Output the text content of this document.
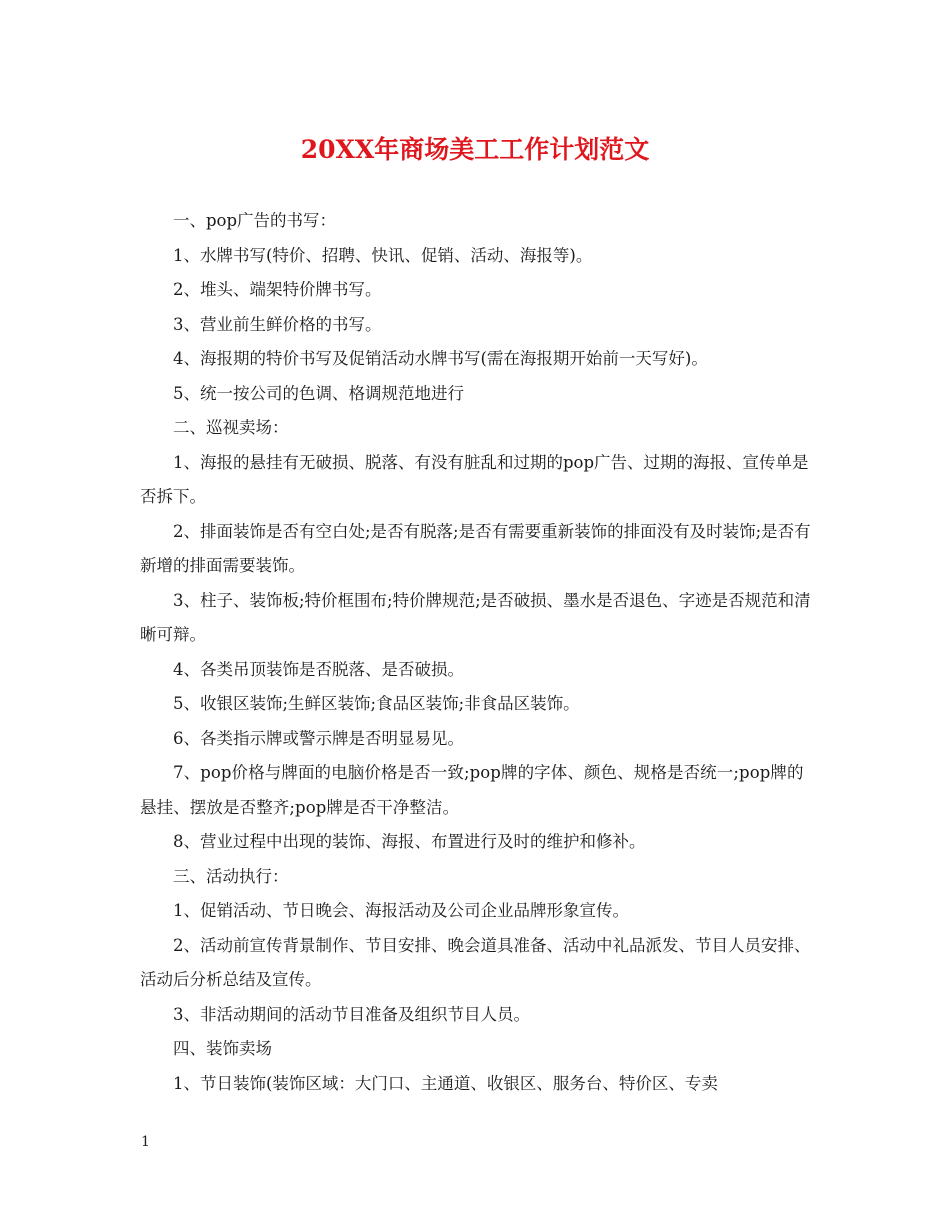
20XX年商场美工工作计划范文

一、pop广告的书写：

1、水牌书写(特价、招聘、快讯、促销、活动、海报等)。

2、堆头、端架特价牌书写。

3、营业前生鲜价格的书写。

4、海报期的特价书写及促销活动水牌书写(需在海报期开始前一天写好)。

5、统一按公司的色调、格调规范地进行

二、巡视卖场：

1、海报的悬挂有无破损、脱落、有没有脏乱和过期的pop广告、过期的海报、宣传单是否拆下。

2、排面装饰是否有空白处;是否有脱落;是否有需要重新装饰的排面没有及时装饰;是否有新增的排面需要装饰。

3、柱子、装饰板;特价框围布;特价牌规范;是否破损、墨水是否退色、字迹是否规范和清晰可辩。

4、各类吊顶装饰是否脱落、是否破损。

5、收银区装饰;生鲜区装饰;食品区装饰;非食品区装饰。

6、各类指示牌或警示牌是否明显易见。

7、pop价格与牌面的电脑价格是否一致;pop牌的字体、颜色、规格是否统一;pop牌的悬挂、摆放是否整齐;pop牌是否干净整洁。

8、营业过程中出现的装饰、海报、布置进行及时的维护和修补。

三、活动执行：

1、促销活动、节日晚会、海报活动及公司企业品牌形象宣传。

2、活动前宣传背景制作、节目安排、晚会道具准备、活动中礼品派发、节目人员安排、活动后分析总结及宣传。

3、非活动期间的活动节目准备及组织节目人员。

四、装饰卖场

1、节日装饰(装饰区域：大门口、主通道、收银区、服务台、特价区、专卖

1
